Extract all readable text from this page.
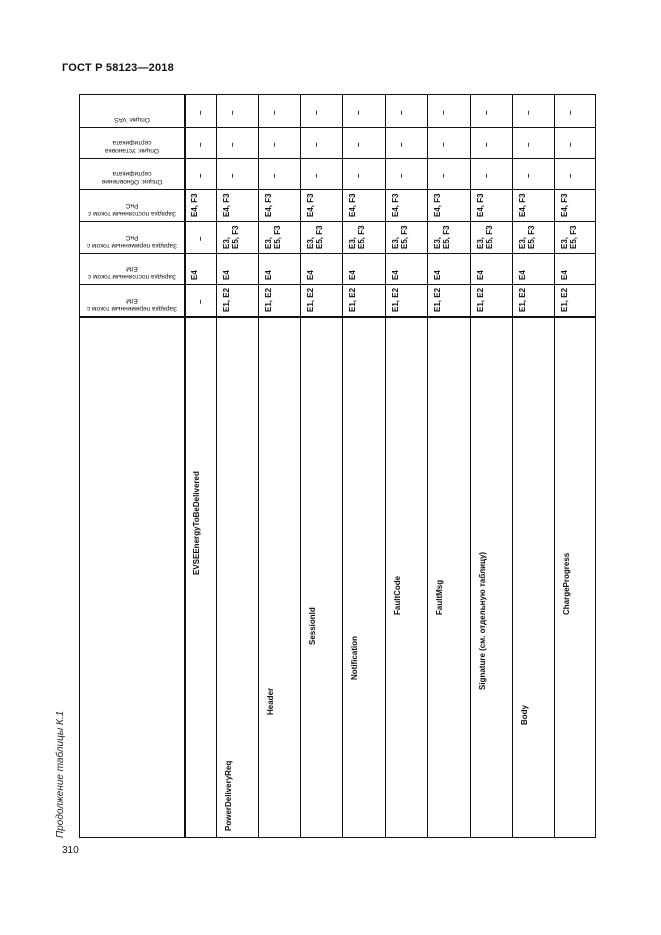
ГОСТ Р 58123—2018
Продолжение таблицы К.1
310
Опции: VAS
Опции: Установка сертификата
Опции: Обновление сертификата
Зарядка постоянным током с PнC
Зарядка переменным током с PнC
Зарядка постоянным током с EIM
Зарядка переменным током с EIM
–
–
–
E4, F3
–
E4
–
EVSEEnergyToBeDelivered
–
–
–
E4, F3
E3, E5, F3
E4
E1, E2
PowerDeliveryReq
–
–
–
E4, F3
E3, E5, F3
E4
E1, E2
Header
–
–
–
E4, F3
E3, E5, F3
E4
E1, E2
SessionId
–
–
–
E4, F3
E3, E5, F3
E4
E1, E2
Notification
–
–
–
E4, F3
E3, E5, F3
E4
E1, E2
FaultCode
–
–
–
E4, F3
E3, E5, F3
E4
E1, E2
FaultMsg
–
–
–
E4, F3
E3, E5, F3
E4
E1, E2
Signature (см. отдельную таблицу)
–
–
–
E4, F3
E3, E5, F3
E4
E1, E2
Body
–
–
–
E4, F3
E3, E5, F3
E4
E1, E2
ChargeProgress
